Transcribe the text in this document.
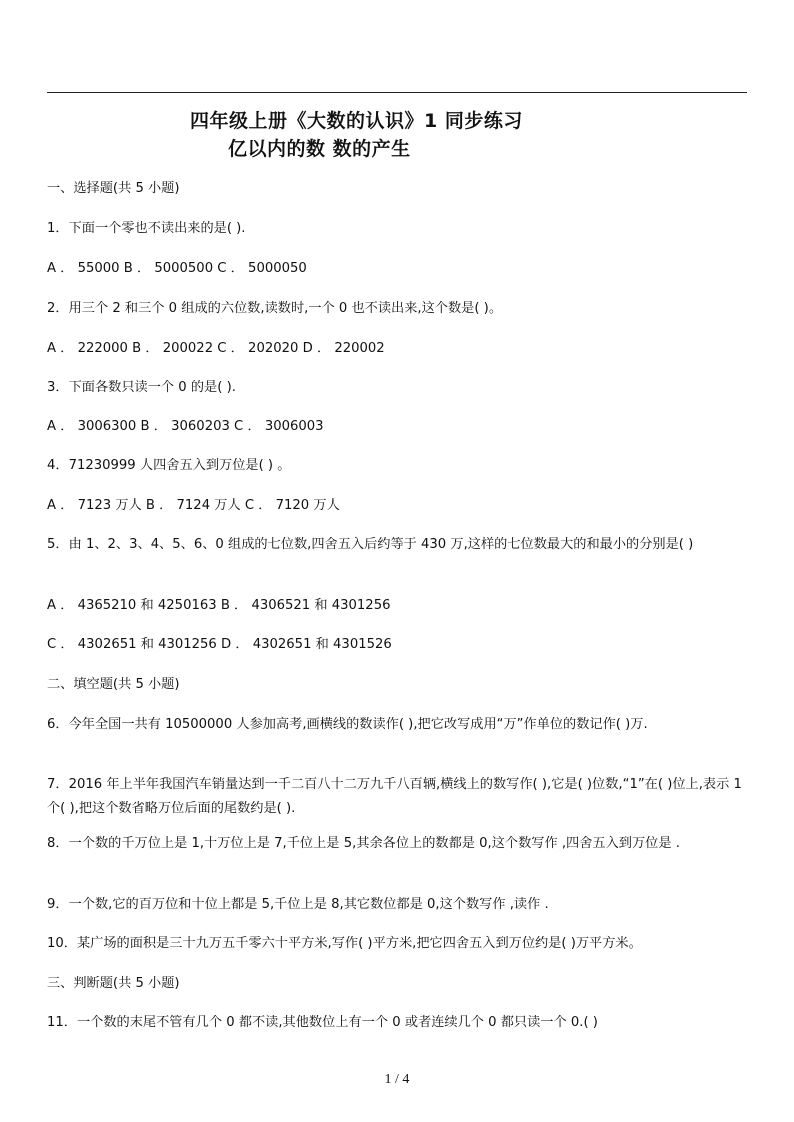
四年级上册《大数的认识》1 同步练习
亿以内的数 数的产生
一、选择题(共 5 小题)
1．下面一个零也不读出来的是( ).
A ． 55000 B ． 5000500 C ． 5000050
2．用三个 2 和三个 0 组成的六位数,读数时,一个 0 也不读出来,这个数是( )。
A ． 222000 B ． 200022 C ． 202020 D ． 220002
3．下面各数只读一个 0 的是( ).
A ． 3006300 B ． 3060203 C ． 3006003
4．71230999 人四舍五入到万位是( ) 。
A ． 7123 万人 B ． 7124 万人 C ． 7120 万人
5．由 1、2、3、4、5、6、0 组成的七位数,四舍五入后约等于 430 万,这样的七位数最大的和最小的分别是( )
A ． 4365210 和 4250163 B ． 4306521 和 4301256
C ． 4302651 和 4301256 D ． 4302651 和 4301526
二、填空题(共 5 小题)
6．今年全国一共有 10500000 人参加高考,画横线的数读作( ),把它改写成用“万”作单位的数记作( )万.
7．2016 年上半年我国汽车销量达到一千二百八十二万九千八百辆,横线上的数写作( ),它是( )位数,“1”在( )位上,表示 1 个( ),把这个数省略万位后面的尾数约是( ).
8．一个数的千万位上是 1,十万位上是 7,千位上是 5,其余各位上的数都是 0,这个数写作 ,四舍五入到万位是 .
9．一个数,它的百万位和十位上都是 5,千位上是 8,其它数位都是 0,这个数写作 ,读作 .
10．某广场的面积是三十九万五千零六十平方米,写作( )平方米,把它四舍五入到万位约是( )万平方米。
三、判断题(共 5 小题)
11．一个数的末尾不管有几个 0 都不读,其他数位上有一个 0 或者连续几个 0 都只读一个 0.( )
1 / 4
